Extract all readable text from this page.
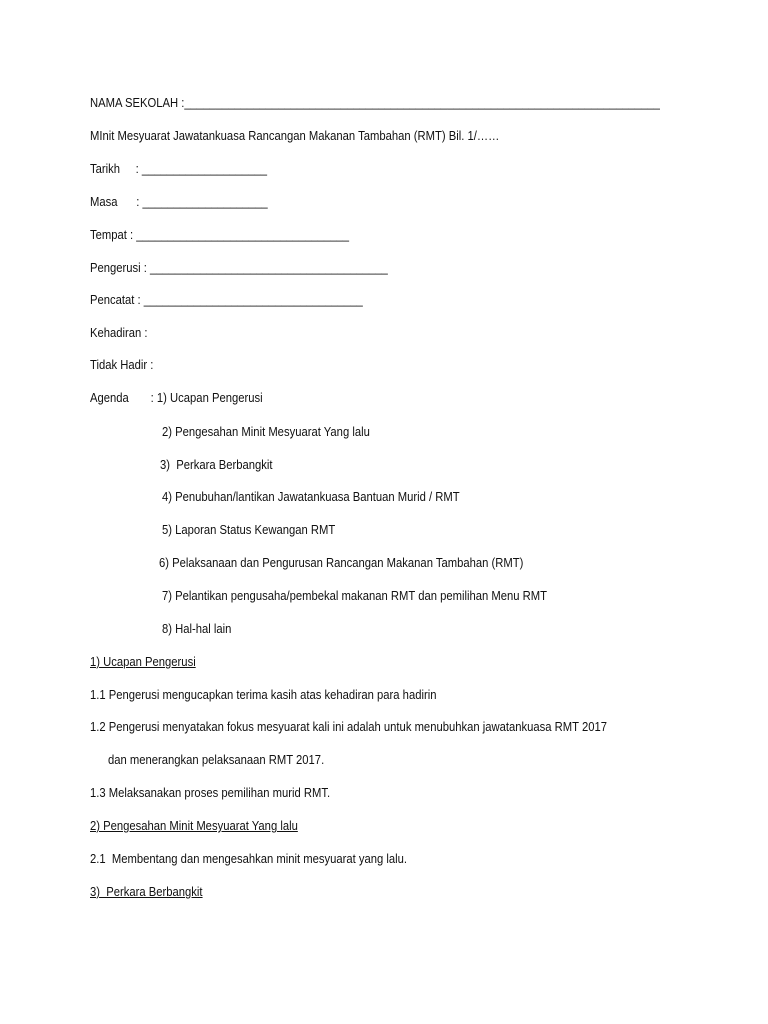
NAMA SEKOLAH :____________________________________________________________________________
MInit Mesyuarat Jawatankuasa Rancangan Makanan Tambahan (RMT) Bil. 1/……
Tarikh     : ____________________
Masa      : ____________________
Tempat : __________________________________
Pengerusi : ______________________________________
Pencatat : ___________________________________
Kehadiran :
Tidak Hadir :
Agenda       : 1) Ucapan Pengerusi
2) Pengesahan Minit Mesyuarat Yang lalu
3)  Perkara Berbangkit
4) Penubuhan/lantikan Jawatankuasa Bantuan Murid / RMT
5) Laporan Status Kewangan RMT
6) Pelaksanaan dan Pengurusan Rancangan Makanan Tambahan (RMT)
7) Pelantikan pengusaha/pembekal makanan RMT dan pemilihan Menu RMT
8) Hal-hal lain
1) Ucapan Pengerusi
1.1 Pengerusi mengucapkan terima kasih atas kehadiran para hadirin
1.2 Pengerusi menyatakan fokus mesyuarat kali ini adalah untuk menubuhkan jawatankuasa RMT 2017
dan menerangkan pelaksanaan RMT 2017.
1.3 Melaksanakan proses pemilihan murid RMT.
2) Pengesahan Minit Mesyuarat Yang lalu
2.1  Membentang dan mengesahkan minit mesyuarat yang lalu.
3)  Perkara Berbangkit
